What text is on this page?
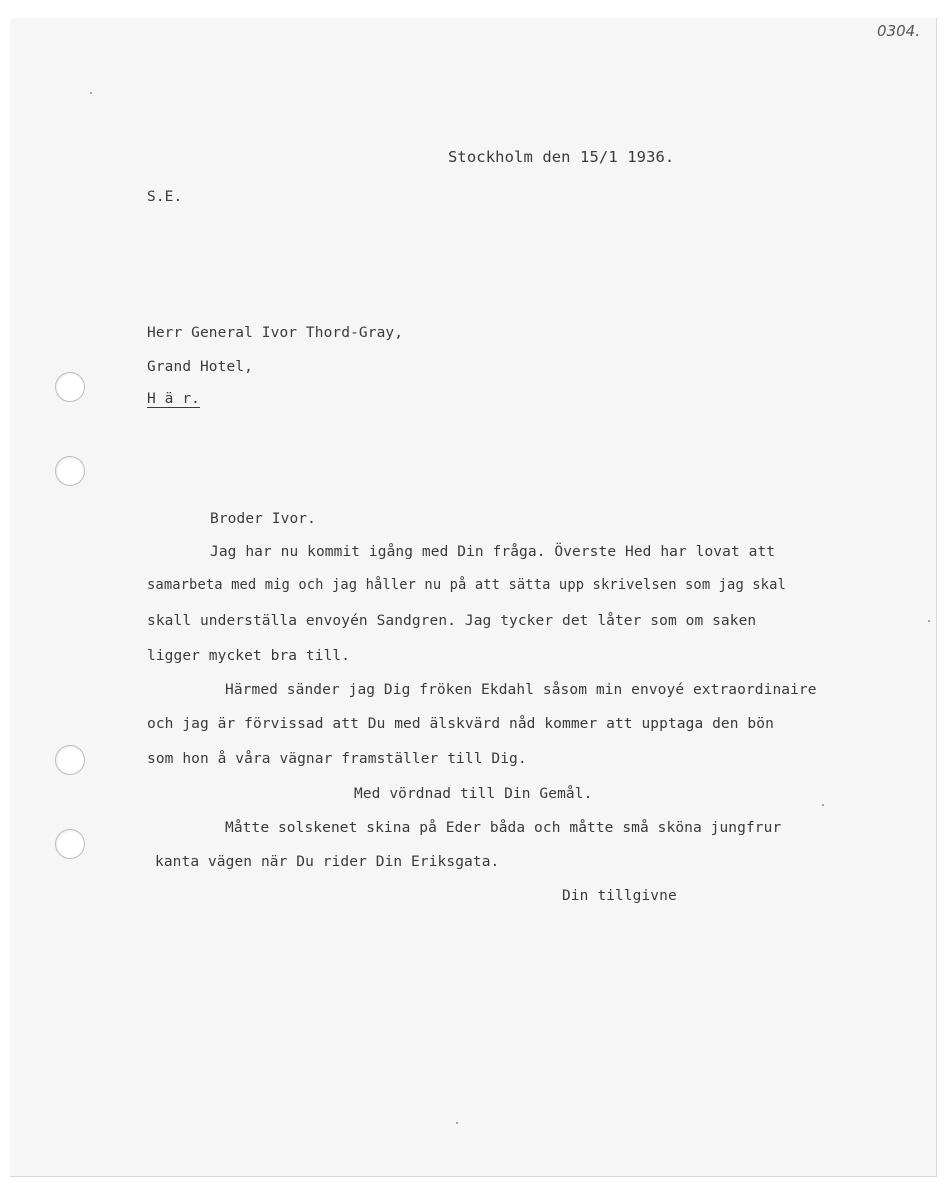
0304.
Stockholm den 15/1 1936.
S.E.
Herr General Ivor Thord-Gray,
Grand Hotel,
H ä r.
Broder Ivor.
Jag har nu kommit igång med Din fråga. Överste Hed har lovat att
samarbeta med mig och jag håller nu på att sätta upp skrivelsen som jag skal
skall underställa envoyén Sandgren. Jag tycker det låter som om saken
ligger mycket bra till.
Härmed sänder jag Dig fröken Ekdahl såsom min envoyé extraordinaire
och jag är förvissad att Du med älskvärd nåd kommer att upptaga den bön
som hon å våra vägnar framställer till Dig.
Med vördnad till Din Gemål.
Måtte solskenet skina på Eder båda och måtte små sköna jungfrur
kanta vägen när Du rider Din Eriksgata.
Din tillgivne
